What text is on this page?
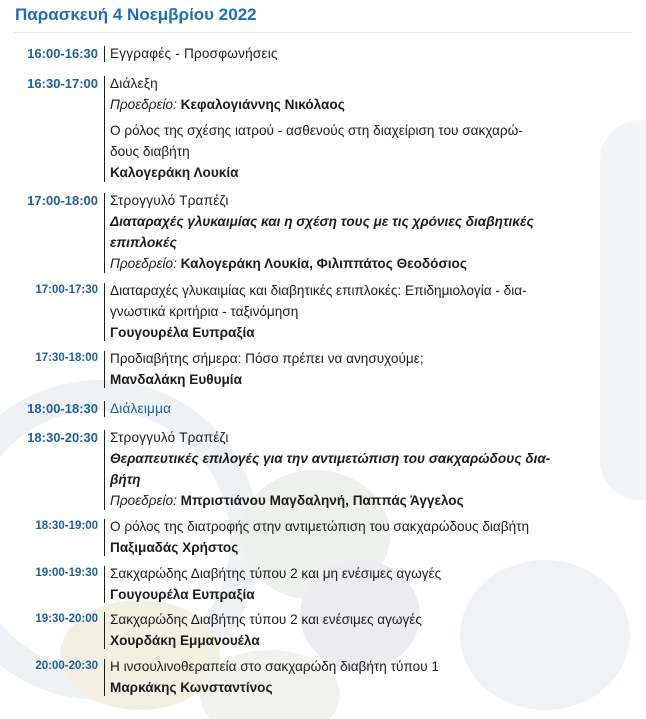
Παρασκευή 4 Νοεμβρίου 2022
16:00-16:30 Εγγραφές - Προσφωνήσεις
16:30-17:00 Διάλεξη
Προεδρείο: Κεφαλογιάννης Νικόλαος
Ο ρόλος της σχέσης ιατρού - ασθενούς στη διαχείριση του σακχαρώ-
δους διαβήτη
Καλογεράκη Λουκία
17:00-18:00 Στρογγυλό Τραπέζι
Διαταραχές γλυκαιμίας και η σχέση τους με τις χρόνιες διαβητικές
επιπλοκές
Προεδρείο: Καλογεράκη Λουκία, Φιλιππάτος Θεοδόσιος
17:00-17:30 Διαταραχές γλυκαιμίας και διαβητικές επιπλοκές: Επιδημιολογία - δια-
γνωστικά κριτήρια - ταξινόμηση
Γουγουρέλα Ευπραξία
17:30-18:00 Προδιαβήτης σήμερα: Πόσο πρέπει να ανησυχούμε;
Μανδαλάκη Ευθυμία
18:00-18:30 Διάλειμμα
18:30-20:30 Στρογγυλό Τραπέζι
Θεραπευτικές επιλογές για την αντιμετώπιση του σακχαρώδους δια-
βήτη
Προεδρείο: Μπριστιάνου Μαγδαληνή, Παππάς Άγγελος
18:30-19:00 Ο ρόλος της διατροφής στην αντιμετώπιση του σακχαρώδους διαβήτη
Παξιμαδάς Χρήστος
19:00-19:30 Σακχαρώδης Διαβήτης τύπου 2 και μη ενέσιμες αγωγές
Γουγουρέλα Ευπραξία
19:30-20:00 Σακχαρώδης Διαβήτης τύπου 2 και ενέσιμες αγωγές
Χουρδάκη Εμμανουέλα
20:00-20:30 Η ινσουλινοθεραπεία στο σακχαρώδη διαβήτη τύπου 1
Μαρκάκης Κωνσταντίνος
